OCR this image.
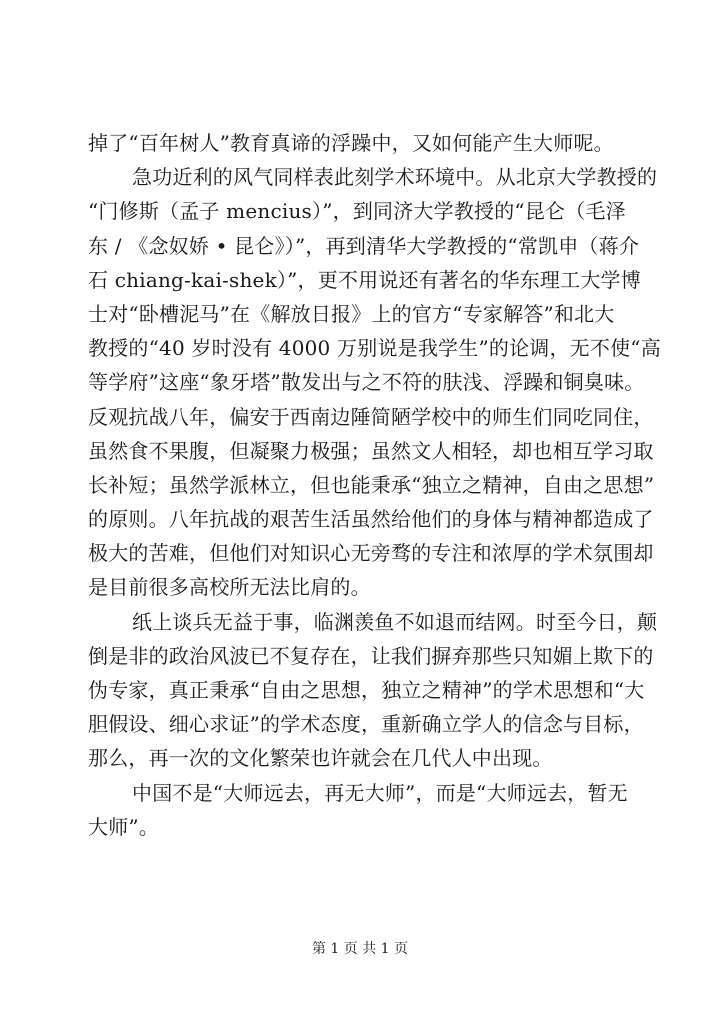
掉了“百年树人”教育真谛的浮躁中，又如何能产生大师呢。
急功近利的风气同样表此刻学术环境中。从北京大学教授的
“门修斯（孟子 mencius）”，到同济大学教授的“昆仑（毛泽
东 / 《念奴娇 • 昆仑》）”，再到清华大学教授的“常凯申（蒋介
石 chiang-kai-shek）”，更不用说还有著名的华东理工大学博
士对“卧槽泥马”在《解放日报》上的官方“专家解答”和北大
教授的“40 岁时没有 4000 万别说是我学生”的论调，无不使“高
等学府”这座“象牙塔”散发出与之不符的肤浅、浮躁和铜臭味。
反观抗战八年，偏安于西南边陲简陋学校中的师生们同吃同住，
虽然食不果腹，但凝聚力极强；虽然文人相轻，却也相互学习取
长补短；虽然学派林立，但也能秉承“独立之精神，自由之思想”
的原则。八年抗战的艰苦生活虽然给他们的身体与精神都造成了
极大的苦难，但他们对知识心无旁骛的专注和浓厚的学术氛围却
是目前很多高校所无法比肩的。
纸上谈兵无益于事，临渊羡鱼不如退而结网。时至今日，颠
倒是非的政治风波已不复存在，让我们摒弃那些只知媚上欺下的
伪专家，真正秉承“自由之思想，独立之精神”的学术思想和“大
胆假设、细心求证”的学术态度，重新确立学人的信念与目标，
那么，再一次的文化繁荣也许就会在几代人中出现。
中国不是“大师远去，再无大师”，而是“大师远去，暂无
大师”。
第 1 页 共 1 页
